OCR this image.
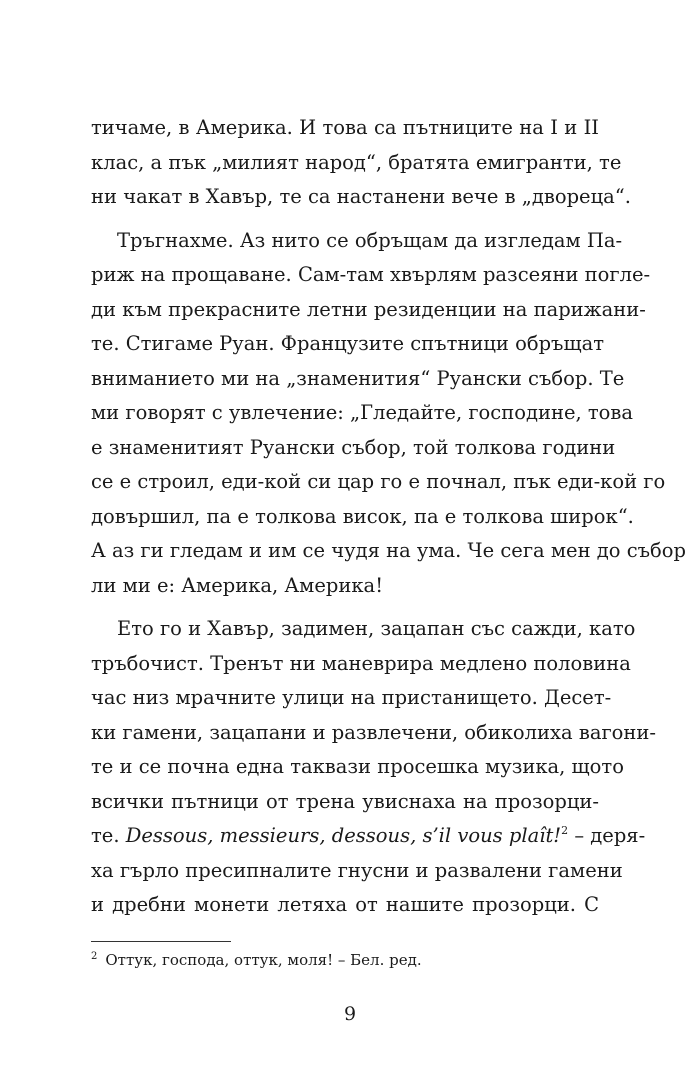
тичаме, в Америка. И това са пътниците на I и II
клас, а пък „милият народ“, братята емигранти, те
ни чакат в Хавър, те са настанени вече в „двореца“.
Тръгнахме. Аз нито се обръщам да изгледам Па-
риж на прощаване. Сам-там хвърлям разсеяни погле-
ди към прекрасните летни резиденции на парижани-
те. Стигаме Руан. Французите спътници обръщат
вниманието ми на „знаменития“ Руански събор. Те
ми говорят с увлечение: „Гледайте, господине, това
е знаменитият Руански събор, той толкова години
се е строил, еди-кой си цар го е почнал, пък еди-кой го
довършил, па е толкова висок, па е толкова широк“.
А аз ги гледам и им се чудя на ума. Че сега мен до събор
ли ми е: Америка, Америка!
Ето го и Хавър, задимен, зацапан със сажди, като
тръбочист. Тренът ни маневрира медлено половина
час низ мрачните улици на пристанището. Десет-
ки гамени, зацапани и развлечени, обиколиха вагони-
те и се почна една таквази просешка музика, щото
всички пътници от трена увиснаха на прозорци-
те. Dessous, messieurs, dessous, s’il vous plaît!$^2$ – деря-
ха гърло пресипналите гнусни и развалени гамени
и дребни монети летяха от нашите прозорци. С
$^2$ Оттук, господа, оттук, моля! – Бел. ред.
9
